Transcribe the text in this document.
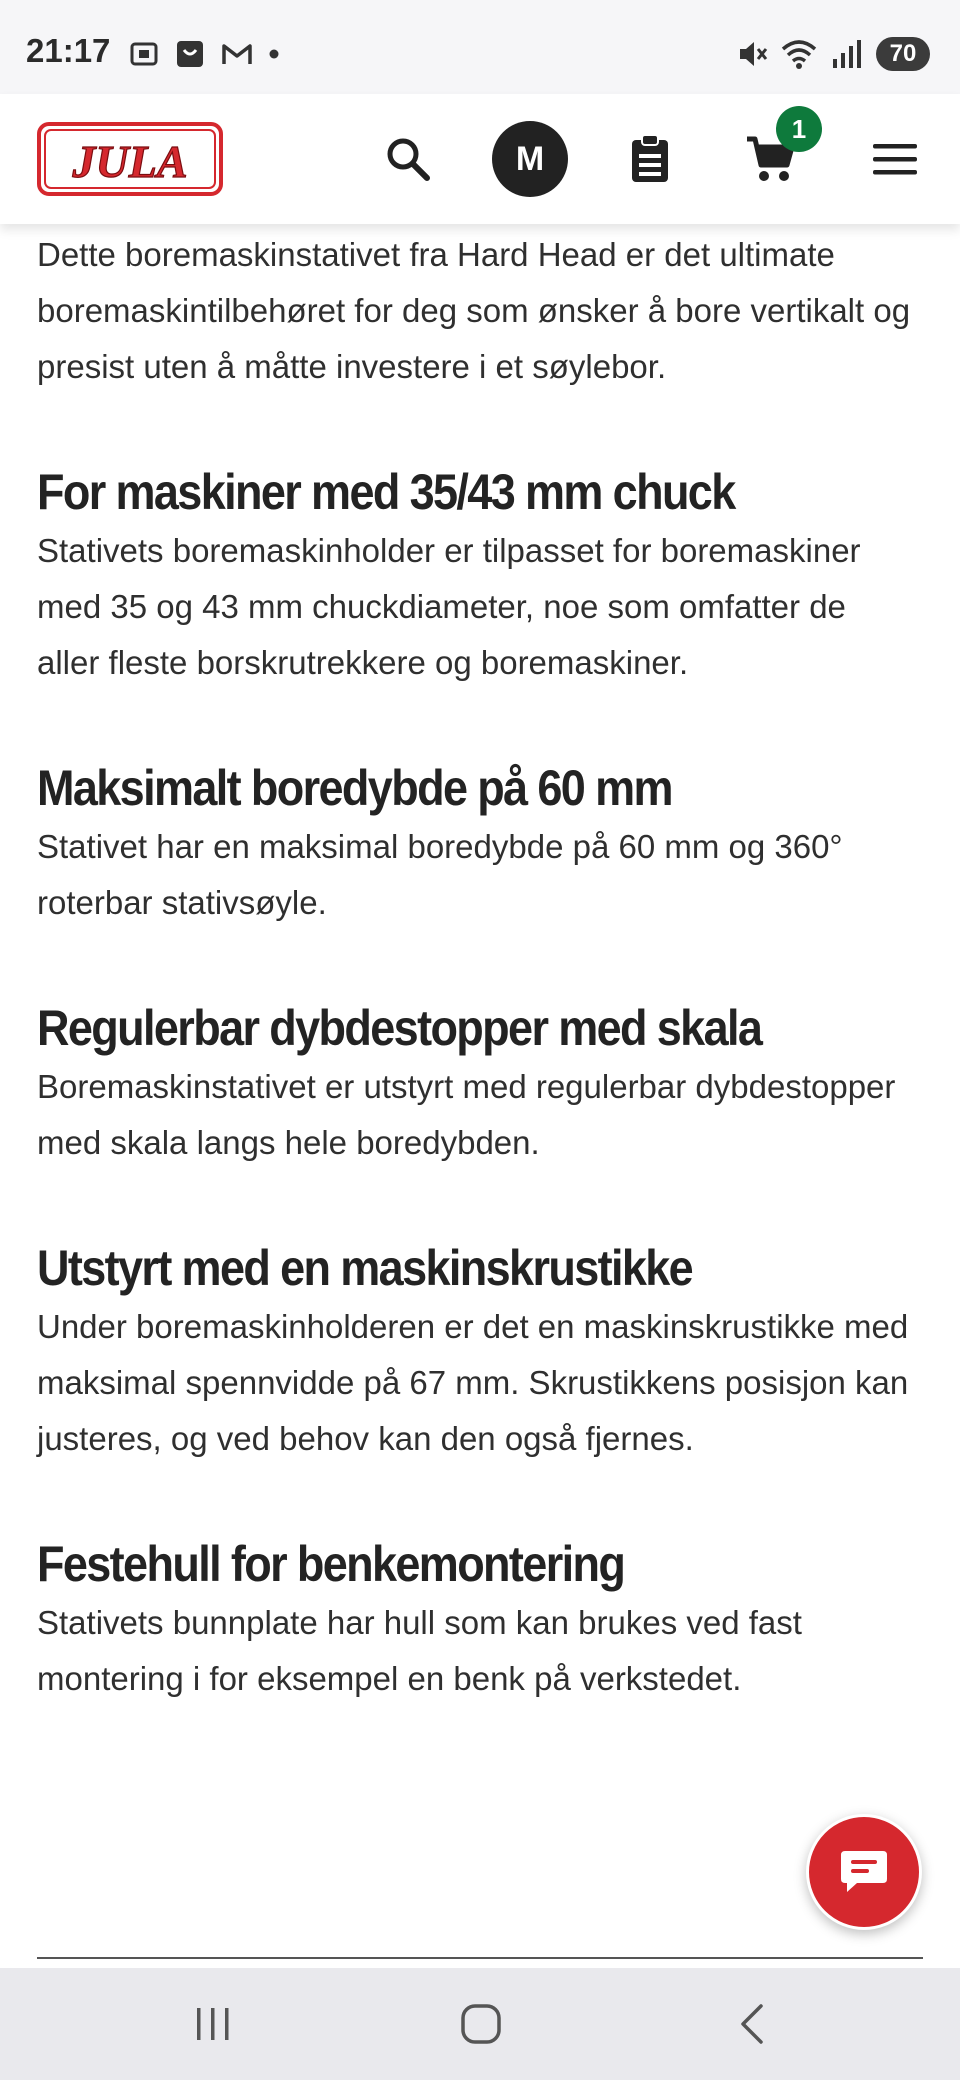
21:17	70
JULA	M
1

Dette boremaskinstativet fra Hard Head er det ultimate boremaskintilbehøret for deg som ønsker å bore vertikalt og presist uten å måtte investere i et søylebor.

For maskiner med 35/43 mm chuck

Stativets boremaskinholder er tilpasset for boremaskiner med 35 og 43 mm chuckdiameter, noe som omfatter de aller fleste borskrutrekkere og boremaskiner.

Maksimalt boredybde på 60 mm

Stativet har en maksimal boredybde på 60 mm og 360° roterbar stativsøyle.

Regulerbar dybdestopper med skala

Boremaskinstativet er utstyrt med regulerbar dybdestopper med skala langs hele boredybden.

Utstyrt med en maskinskrustikke

Under boremaskinholderen er det en maskinskrustikke med maksimal spennvidde på 67 mm. Skrustikkens posisjon kan justeres, og ved behov kan den også fjernes.

Festehull for benkemontering

Stativets bunnplate har hull som kan brukes ved fast montering i for eksempel en benk på verkstedet.
